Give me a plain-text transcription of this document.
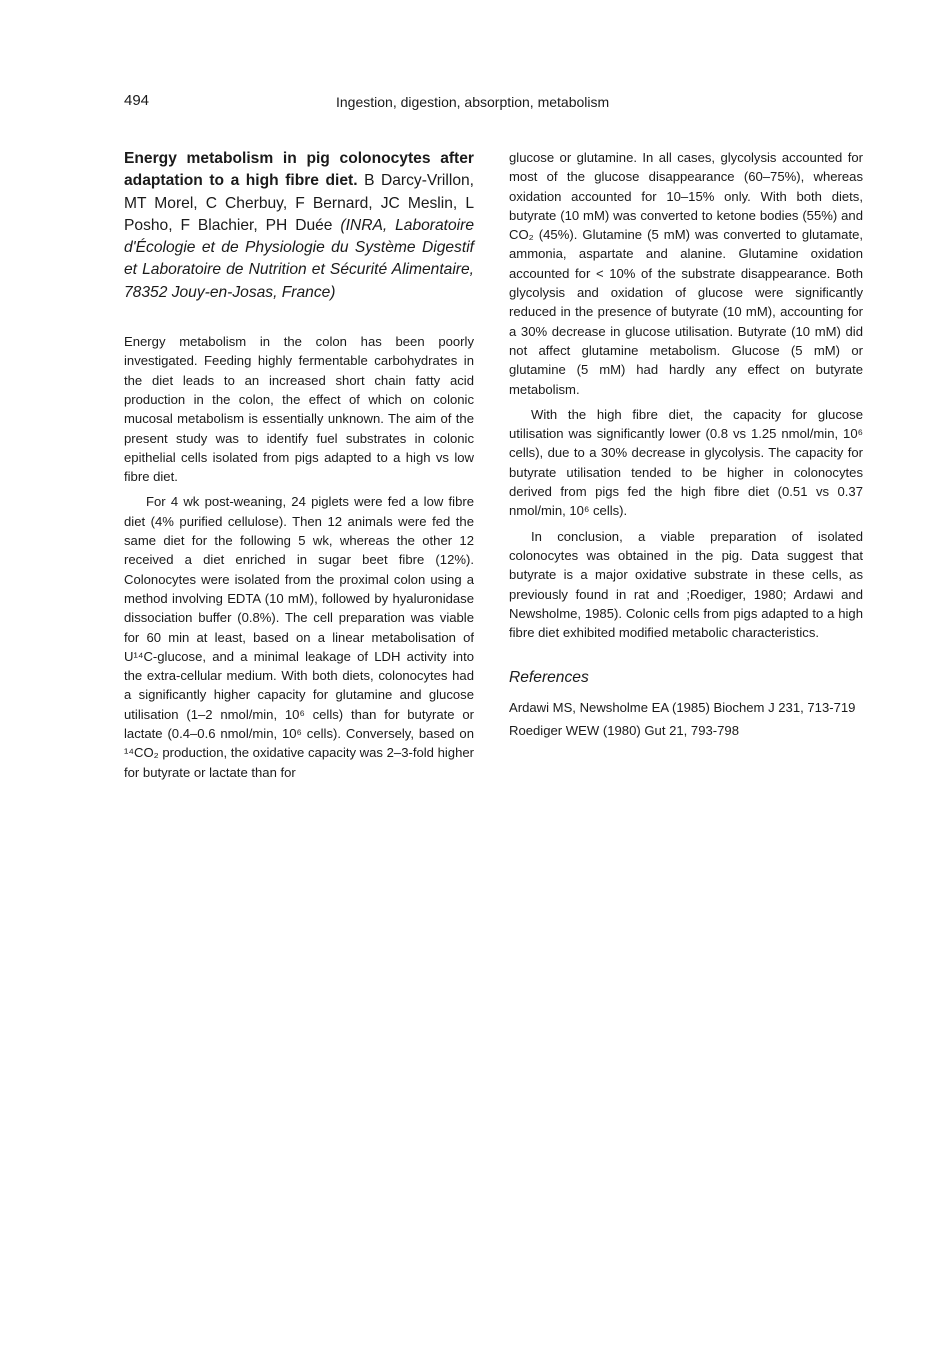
494	Ingestion, digestion, absorption, metabolism
Energy metabolism in pig colonocytes after adaptation to a high fibre diet. B Darcy-Vrillon, MT Morel, C Cherbuy, F Bernard, JC Meslin, L Posho, F Blachier, PH Duée (INRA, Laboratoire d'Écologie et de Physiologie du Système Digestif et Laboratoire de Nutrition et Sécurité Alimentaire, 78352 Jouy-en-Josas, France)

Energy metabolism in the colon has been poorly investigated. Feeding highly fermentable carbohydrates in the diet leads to an increased short chain fatty acid production in the colon, the effect of which on colonic mucosal metabolism is essentially unknown. The aim of the present study was to identify fuel substrates in colonic epithelial cells isolated from pigs adapted to a high vs low fibre diet.

For 4 wk post-weaning, 24 piglets were fed a low fibre diet (4% purified cellulose). Then 12 animals were fed the same diet for the following 5 wk, whereas the other 12 received a diet enriched in sugar beet fibre (12%). Colonocytes were isolated from the proximal colon using a method involving EDTA (10 mM), followed by hyaluronidase dissociation buffer (0.8%). The cell preparation was viable for 60 min at least, based on a linear metabolisation of U¹⁴C-glucose, and a minimal leakage of LDH activity into the extra-cellular medium. With both diets, colonocytes had a significantly higher capacity for glutamine and glucose utilisation (1–2 nmol/min, 10⁶ cells) than for butyrate or lactate (0.4–0.6 nmol/min, 10⁶ cells). Conversely, based on ¹⁴CO₂ production, the oxidative capacity was 2–3-fold higher for butyrate or lactate than for

glucose or glutamine. In all cases, glycolysis accounted for most of the glucose disappearance (60–75%), whereas oxidation accounted for 10–15% only. With both diets, butyrate (10 mM) was converted to ketone bodies (55%) and CO₂ (45%). Glutamine (5 mM) was converted to glutamate, ammonia, aspartate and alanine. Glutamine oxidation accounted for < 10% of the substrate disappearance. Both glycolysis and oxidation of glucose were significantly reduced in the presence of butyrate (10 mM), accounting for a 30% decrease in glucose utilisation. Butyrate (10 mM) did not affect glutamine metabolism. Glucose (5 mM) or glutamine (5 mM) had hardly any effect on butyrate metabolism.

With the high fibre diet, the capacity for glucose utilisation was significantly lower (0.8 vs 1.25 nmol/min, 10⁶ cells), due to a 30% decrease in glycolysis. The capacity for butyrate utilisation tended to be higher in colonocytes derived from pigs fed the high fibre diet (0.51 vs 0.37 nmol/min, 10⁶ cells).

In conclusion, a viable preparation of isolated colonocytes was obtained in the pig. Data suggest that butyrate is a major oxidative substrate in these cells, as previously found in rat and ;Roediger, 1980; Ardawi and Newsholme, 1985). Colonic cells from pigs adapted to a high fibre diet exhibited modified metabolic characteristics.

References
Ardawi MS, Newsholme EA (1985) Biochem J 231, 713-719
Roediger WEW (1980) Gut 21, 793-798
